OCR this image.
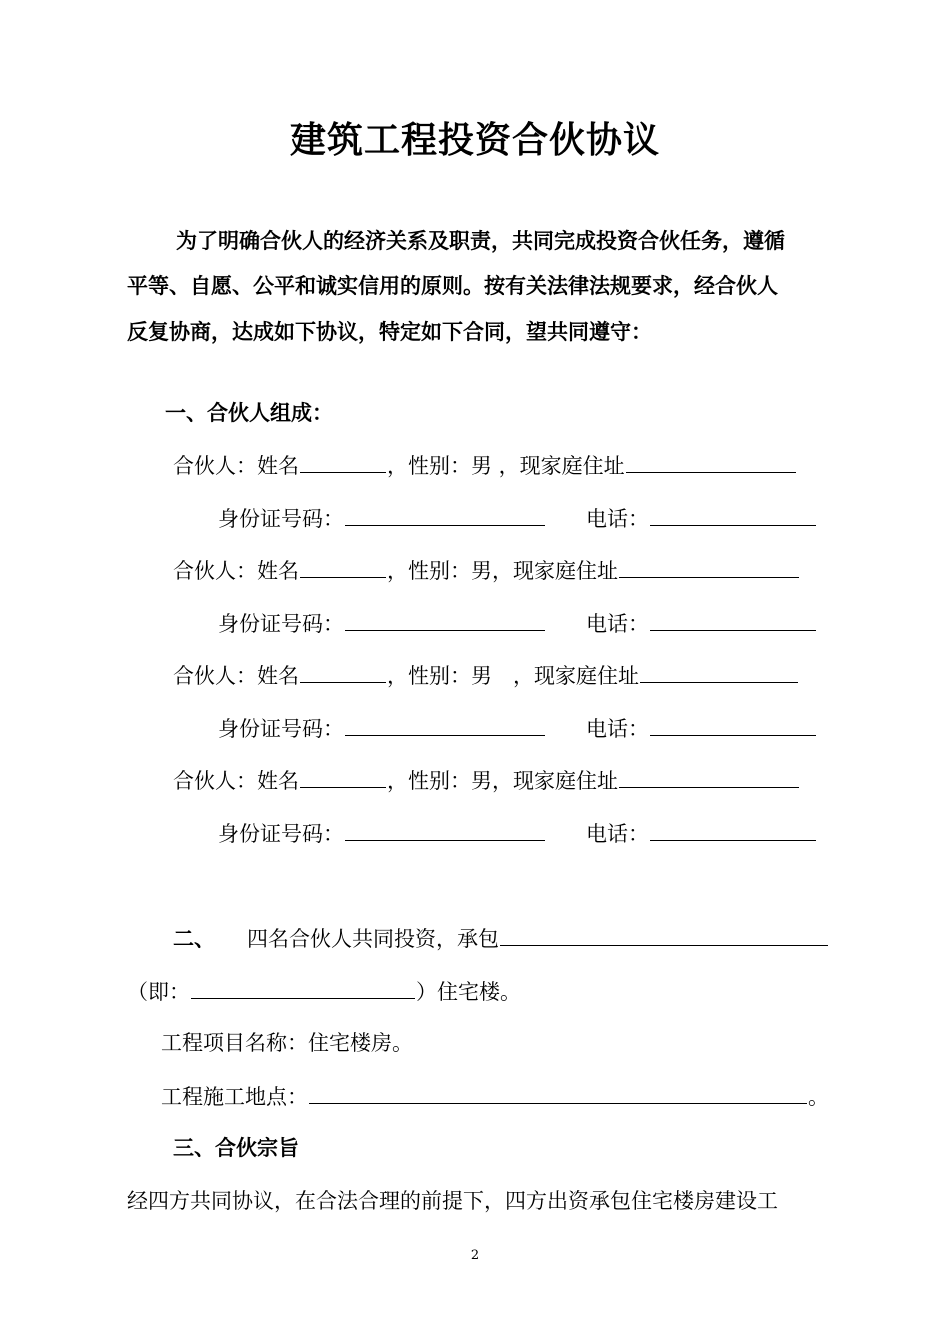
建筑工程投资合伙协议
为了明确合伙人的经济关系及职责，共同完成投资合伙任务，遵循
平等、自愿、公平和诚实信用的原则。按有关法律法规要求，经合伙人
反复协商，达成如下协议，特定如下合同，望共同遵守：
一、合伙人组成：
合伙人：姓名	，性别：男 ，现家庭住址
身份证号码：	电话：
合伙人：姓名	，性别：男，现家庭住址
身份证号码：	电话：
合伙人：姓名	，性别：男　，现家庭住址
身份证号码：	电话：
合伙人：姓名	，性别：男，现家庭住址
身份证号码：	电话：
二、 四名合伙人共同投资，承包
（即：	）住宅楼。
工程项目名称：住宅楼房。
工程施工地点：	。
三、合伙宗旨
经四方共同协议，在合法合理的前提下，四方出资承包住宅楼房建设工
2
